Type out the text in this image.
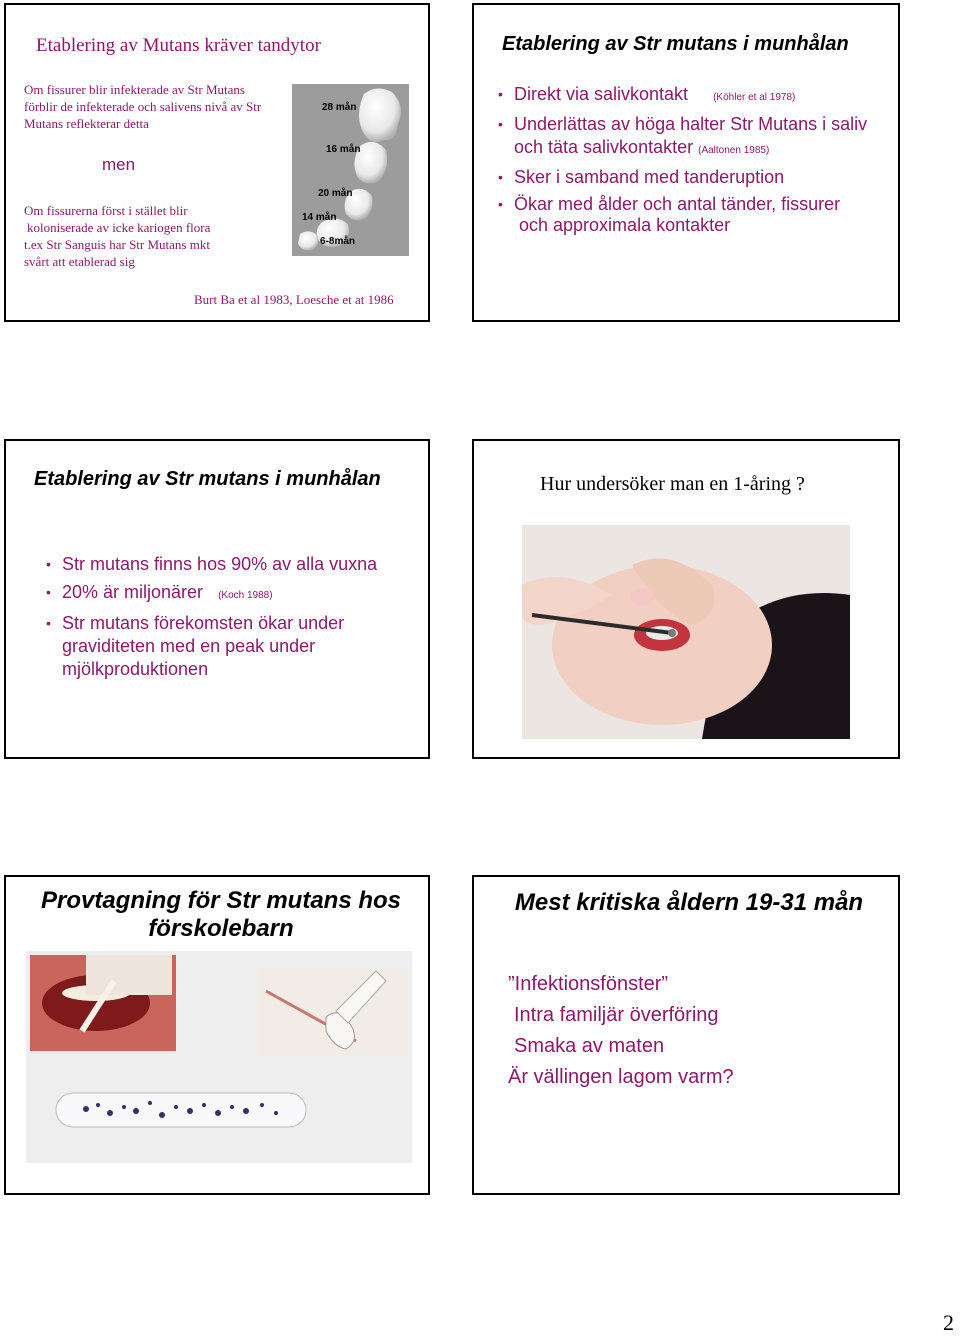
Etablering av Mutans kräver tandytor
Om fissurer blir infekterade av Str Mutans förblir de infekterade och salivens nivå av Str Mutans reflekterar detta
men
Om fissurerna först i stället blir
koloniserade av icke kariogen flora
t.ex Str Sanguis har Str Mutans mkt
svårt att etablerad sig
28 mån
16 mån
20 mån
14 mån
6-8mån
Burt Ba et al 1983, Loesche et at 1986
Etablering av Str mutans i munhålan
• Direkt via salivkontakt	(Köhler et al 1978)
• Underlättas av höga halter Str Mutans i saliv och täta salivkontakter (Aaltonen 1985)
• Sker i samband med tanderuption
• Ökar med ålder och antal tänder, fissurer
och approximala kontakter
Etablering av Str mutans i munhålan
• Str mutans finns hos 90% av alla vuxna
• 20% är miljonärer (Koch 1988)
• Str mutans förekomsten ökar under graviditeten med en peak under mjölkproduktionen
Hur undersöker man en 1-åring ?
Provtagning för Str mutans hos förskolebarn
Mest kritiska åldern 19-31 mån
”Infektionsfönster”
Intra familjär överföring
Smaka av maten
Är vällingen lagom varm?
2
